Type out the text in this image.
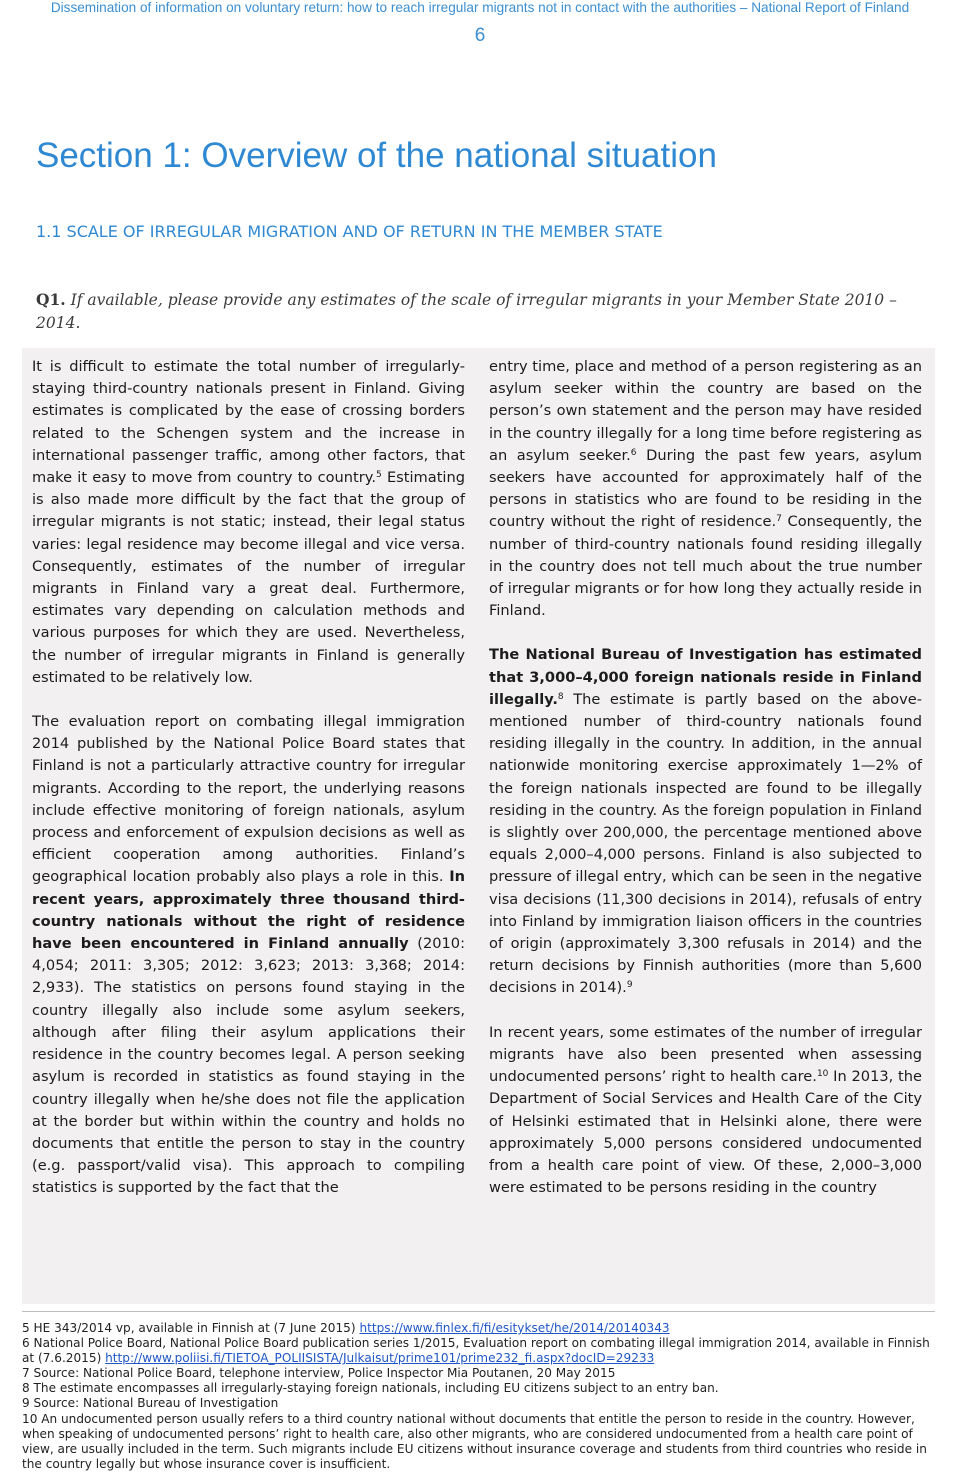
Dissemination of information on voluntary return: how to reach irregular migrants not in contact with the authorities – National Report of Finland
6
Section 1: Overview of the national situation
1.1 SCALE OF IRREGULAR MIGRATION AND OF RETURN IN THE MEMBER STATE

Q1. If available, please provide any estimates of the scale of irregular migrants in your Member State 2010 – 2014.

It is difficult to estimate the total number of irregularly-staying third-country nationals present in Finland. Giving estimates is complicated by the ease of crossing borders related to the Schengen system and the increase in international passenger traffic, among other factors, that make it easy to move from country to country.$^5$ Estimating is also made more difficult by the fact that the group of irregular migrants is not static; instead, their legal status varies: legal residence may become illegal and vice versa. Consequently, estimates of the number of irregular migrants in Finland vary a great deal. Furthermore, estimates vary depending on calculation methods and various purposes for which they are used. Nevertheless, the number of irregular migrants in Finland is generally estimated to be relatively low.

The evaluation report on combating illegal immigration 2014 published by the National Police Board states that Finland is not a particularly attractive country for irregular migrants. According to the report, the underlying reasons include effective monitoring of foreign nationals, asylum process and enforcement of expulsion decisions as well as efficient cooperation among authorities. Finland’s geographical location probably also plays a role in this. In recent years, approximately three thousand third-country nationals without the right of residence have been encountered in Finland annually (2010: 4,054; 2011: 3,305; 2012: 3,623; 2013: 3,368; 2014: 2,933). The statistics on persons found staying in the country illegally also include some asylum seekers, although after filing their asylum applications their residence in the country becomes legal. A person seeking asylum is recorded in statistics as found staying in the country illegally when he/she does not file the application at the border but within within the country and holds no documents that entitle the person to stay in the country (e.g. passport/valid visa). This approach to compiling statistics is supported by the fact that the

entry time, place and method of a person registering as an asylum seeker within the country are based on the person’s own statement and the person may have resided in the country illegally for a long time before registering as an asylum seeker.$^6$ During the past few years, asylum seekers have accounted for approximately half of the persons in statistics who are found to be residing in the country without the right of residence.$^7$ Consequently, the number of third-country nationals found residing illegally in the country does not tell much about the true number of irregular migrants or for how long they actually reside in Finland.

The National Bureau of Investigation has estimated that 3,000–4,000 foreign nationals reside in Finland illegally.$^8$ The estimate is partly based on the above-mentioned number of third-country nationals found residing illegally in the country. In addition, in the annual nationwide monitoring exercise approximately 1—2% of the foreign nationals inspected are found to be illegally residing in the country. As the foreign population in Finland is slightly over 200,000, the percentage mentioned above equals 2,000–4,000 persons. Finland is also subjected to pressure of illegal entry, which can be seen in the negative visa decisions (11,300 decisions in 2014), refusals of entry into Finland by immigration liaison officers in the countries of origin (approximately 3,300 refusals in 2014) and the return decisions by Finnish authorities (more than 5,600 decisions in 2014).$^9$

In recent years, some estimates of the number of irregular migrants have also been presented when assessing undocumented persons’ right to health care.$^{10}$ In 2013, the Department of Social Services and Health Care of the City of Helsinki estimated that in Helsinki alone, there were approximately 5,000 persons considered undocumented from a health care point of view. Of these, 2,000–3,000 were estimated to be persons residing in the country

5 HE 343/2014 vp, available in Finnish at (7 June 2015) https://www.finlex.fi/fi/esitykset/he/2014/20140343

6 National Police Board, National Police Board publication series 1/2015, Evaluation report on combating illegal immigration 2014, available in Finnish at (7.6.2015) http://www.poliisi.fi/TIETOA_POLIISISTA/Julkaisut/prime101/prime232_fi.aspx?docID=29233

7 Source: National Police Board, telephone interview, Police Inspector Mia Poutanen, 20 May 2015

8 The estimate encompasses all irregularly-staying foreign nationals, including EU citizens subject to an entry ban.

9 Source: National Bureau of Investigation

10 An undocumented person usually refers to a third country national without documents that entitle the person to reside in the country. However, when speaking of undocumented persons’ right to health care, also other migrants, who are considered undocumented from a health care point of view, are usually included in the term. Such migrants include EU citizens without insurance coverage and students from third countries who reside in the country legally but whose insurance cover is insufficient.
